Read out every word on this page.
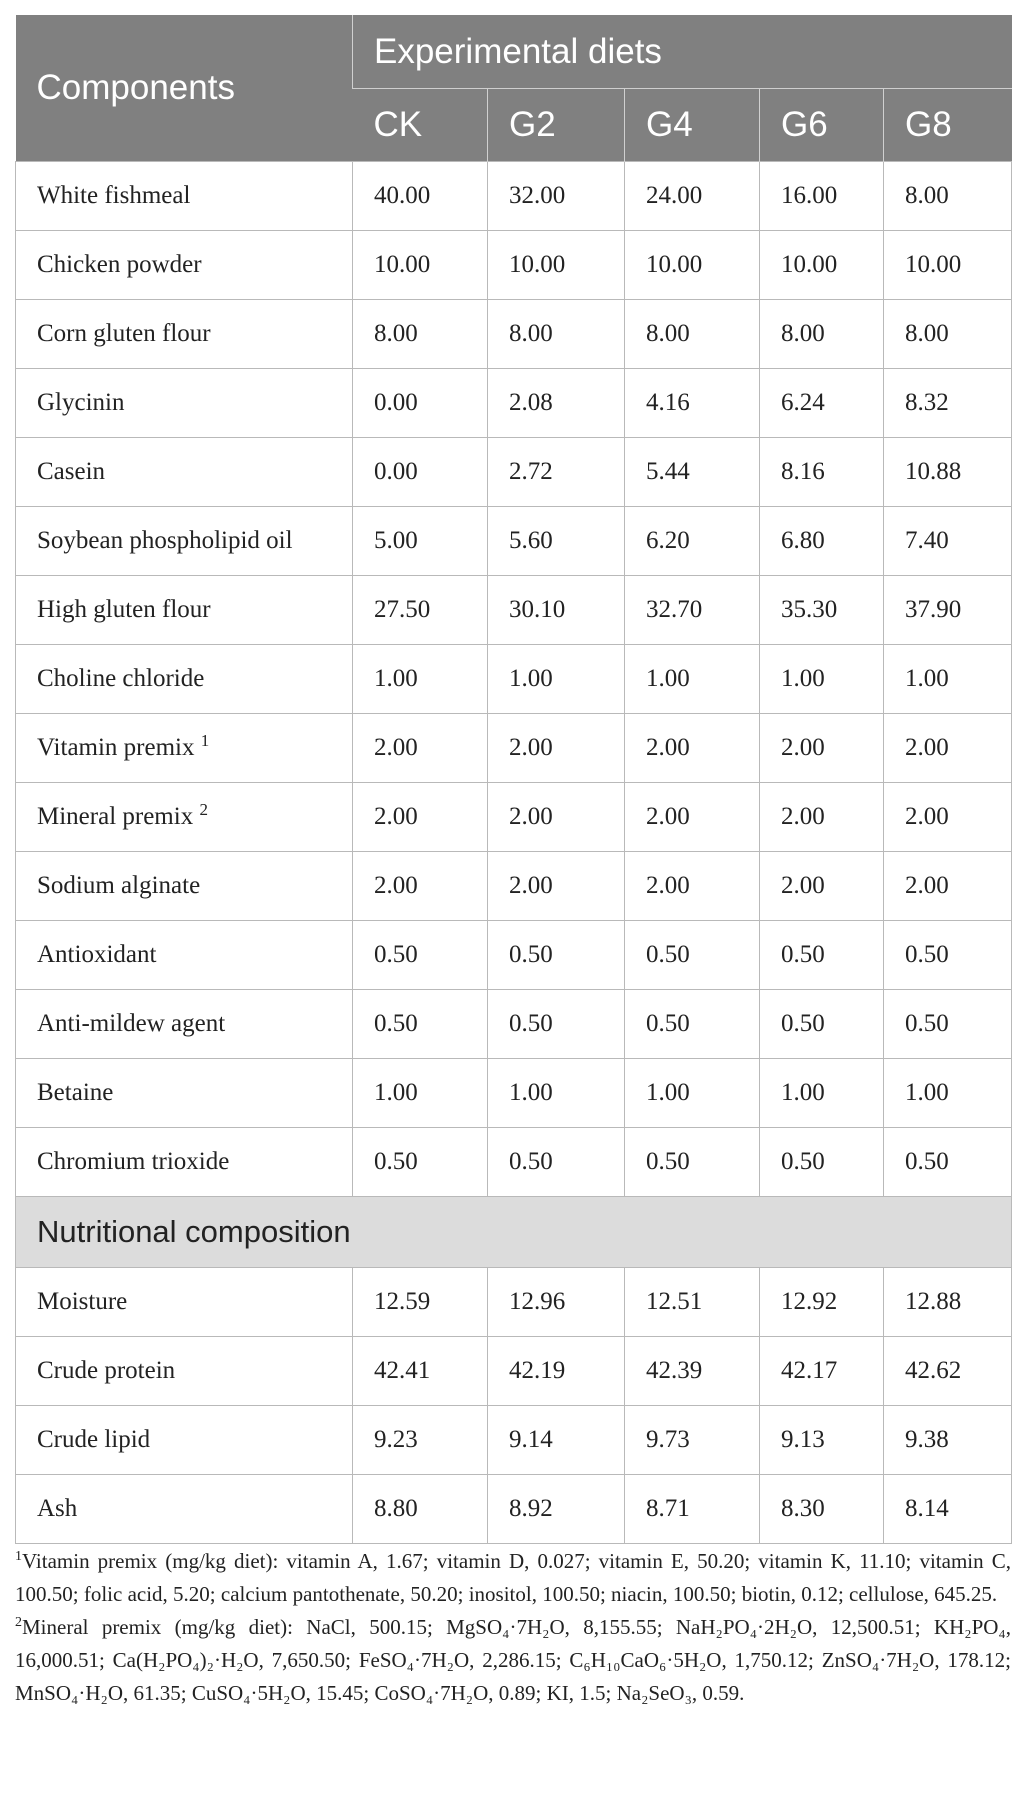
Components	Experimental diets				
	CK	G2	G4	G6	G8
White fishmeal	40.00	32.00	24.00	16.00	8.00
Chicken powder	10.00	10.00	10.00	10.00	10.00
Corn gluten flour	8.00	8.00	8.00	8.00	8.00
Glycinin	0.00	2.08	4.16	6.24	8.32
Casein	0.00	2.72	5.44	8.16	10.88
Soybean phospholipid oil	5.00	5.60	6.20	6.80	7.40
High gluten flour	27.50	30.10	32.70	35.30	37.90
Choline chloride	1.00	1.00	1.00	1.00	1.00
Vitamin premix $^1$	2.00	2.00	2.00	2.00	2.00
Mineral premix $^2$	2.00	2.00	2.00	2.00	2.00
Sodium alginate	2.00	2.00	2.00	2.00	2.00
Antioxidant	0.50	0.50	0.50	0.50	0.50
Anti-mildew agent	0.50	0.50	0.50	0.50	0.50
Betaine	1.00	1.00	1.00	1.00	1.00
Chromium trioxide	0.50	0.50	0.50	0.50	0.50
Nutritional composition					
Moisture	12.59	12.96	12.51	12.92	12.88
Crude protein	42.41	42.19	42.39	42.17	42.62
Crude lipid	9.23	9.14	9.73	9.13	9.38
Ash	8.80	8.92	8.71	8.30	8.14

$^1$Vitamin premix (mg/kg diet): vitamin A, 1.67; vitamin D, 0.027; vitamin E, 50.20; vitamin K, 11.10; vitamin C, 100.50; folic acid, 5.20; calcium pantothenate, 50.20; inositol, 100.50; niacin, 100.50; biotin, 0.12; cellulose, 645.25.

$^2$Mineral premix (mg/kg diet): NaCl, 500.15; MgSO₄·7H₂O, 8,155.55; NaH₂PO₄·2H₂O, 12,500.51; KH₂PO₄, 16,000.51; Ca(H₂PO₄)₂·H₂O, 7,650.50; FeSO₄·7H₂O, 2,286.15; C₆H₁₀CaO₆·5H₂O, 1,750.12; ZnSO₄·7H₂O, 178.12; MnSO₄·H₂O, 61.35; CuSO₄·5H₂O, 15.45; CoSO₄·7H₂O, 0.89; KI, 1.5; Na₂SeO₃, 0.59.
